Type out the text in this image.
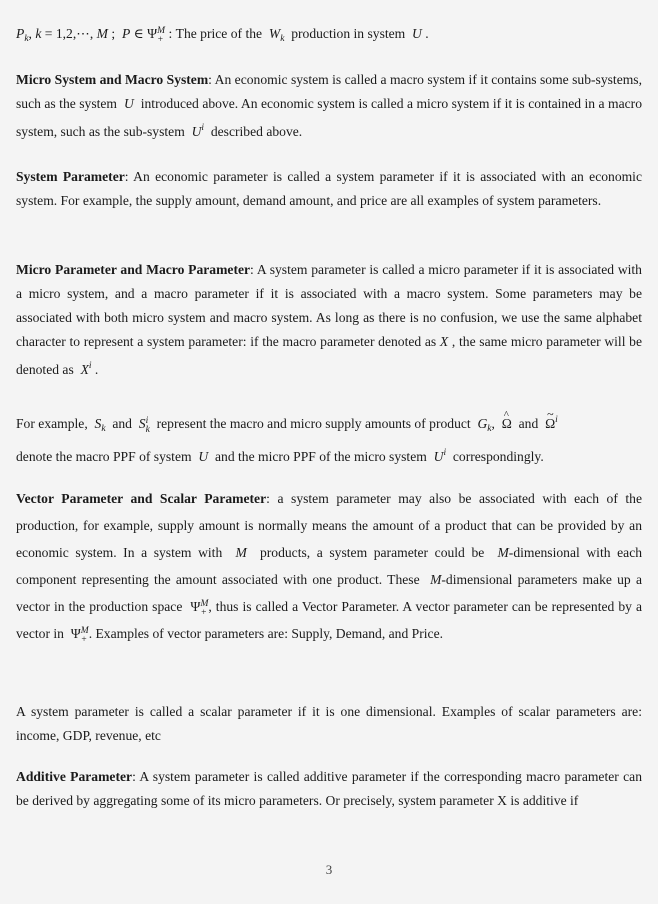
$P_k$, k = 1,2,⋯, M ;  P ∈ Ψ M
+ : The price of the $W_k$ production in system U .
Micro System and Macro System: An economic system is called a macro system if it contains some sub-systems, such as the system U introduced above. An economic system is called a micro system if it is contained in a macro system, such as the sub-system $U^i$ described above.
System Parameter: An economic parameter is called a system parameter if it is associated with an economic system. For example, the supply amount, demand amount, and price are all examples of system parameters.
Micro Parameter and Macro Parameter: A system parameter is called a micro parameter if it is associated with a micro system, and a macro parameter if it is associated with a macro system. Some parameters may be associated with both micro system and macro system. As long as there is no confusion, we use the same alphabet character to represent a system parameter: if the macro parameter denoted as X , the same micro parameter will be denoted as $X^i$ .
For example, $S_k$ and S i
k represent the macro and micro supply amounts of product $G_k$,  ^ Ω and  ~ $\Omega^i$
denote the macro PPF of system U and the micro PPF of the micro system $U^i$ correspondingly.
Vector Parameter and Scalar Parameter: a system parameter may also be associated with each of the production, for example, supply amount is normally means the amount of a product that can be provided by an economic system. In a system with M products, a system parameter could be M-dimensional with each component representing the amount associated with one product. These M-dimensional parameters make up a vector in the production space  Ψ M
+ , thus is called a Vector Parameter. A vector parameter can be represented by a vector in  Ψ M
+ . Examples of vector parameters are: Supply, Demand, and Price.
A system parameter is called a scalar parameter if it is one dimensional. Examples of scalar parameters are: income, GDP, revenue, etc
Additive Parameter: A system parameter is called additive parameter if the corresponding macro parameter can be derived by aggregating some of its micro parameters. Or precisely, system parameter X is additive if
3
